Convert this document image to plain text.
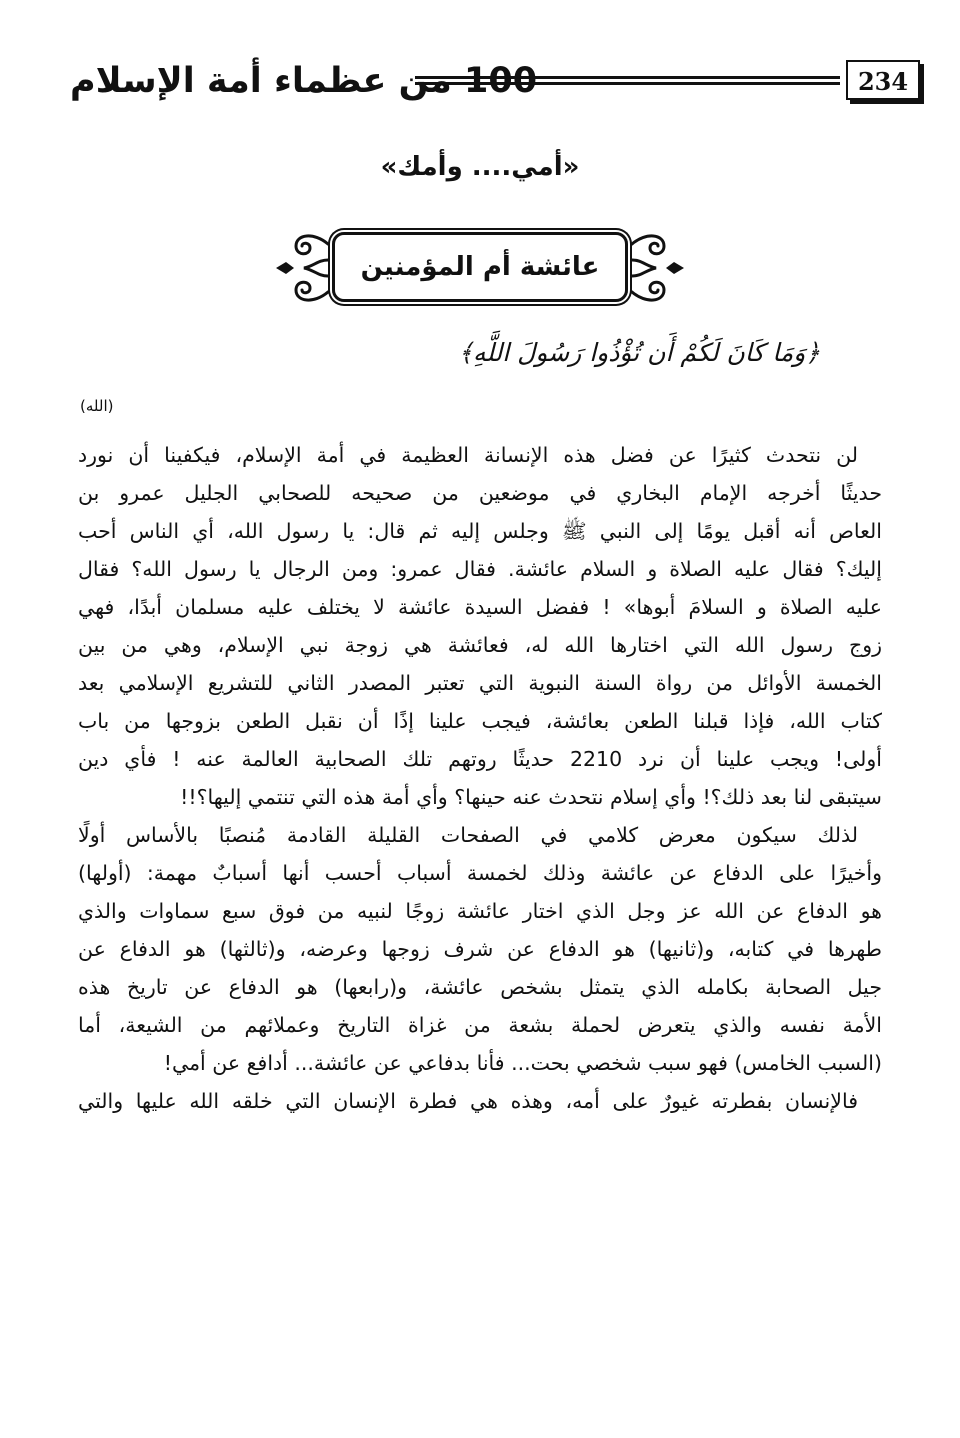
100 من عظماء أمة الإسلام	234
«أمي.... وأمك»
عائشة أم المؤمنين
﴿وَمَا كَانَ لَكُمْ أَن تُؤْذُوا رَسُولَ اللَّهِ﴾
(الله)
لن نتحدث كثيرًا عن فضل هذه الإنسانة العظيمة في أمة الإسلام، فيكفينا أن نورد
حديثًا أخرجه الإمام البخاري في موضعين من صحيحه للصحابي الجليل عمرو بن
العاص أنه أقبل يومًا إلى النبي ﷺ وجلس إليه ثم قال: يا رسول الله، أي الناس أحب
إليك؟ فقال عليه الصلاة و السلام عائشة. فقال عمرو: ومن الرجال يا رسول الله؟ فقال
عليه الصلاة و السلامَ أبوها» ! ففضل السيدة عائشة لا يختلف عليه مسلمان أبدًا، فهي
زوج رسول الله التي اختارها الله له، فعائشة هي زوجة نبي الإسلام، وهي من بين
الخمسة الأوائل من رواة السنة النبوية التي تعتبر المصدر الثاني للتشريع الإسلامي بعد
كتاب الله، فإذا قبلنا الطعن بعائشة، فيجب علينا إذًا أن نقبل الطعن بزوجها من باب
أولى! ويجب علينا أن نرد 2210 حديثًا روتهم تلك الصحابية العالمة عنه ! فأي دين
سيتبقى لنا بعد ذلك؟! وأي إسلام نتحدث عنه حينها؟ وأي أمة هذه التي تنتمي إليها؟!!
لذلك سيكون معرض كلامي في الصفحات القليلة القادمة مُنصبًا بالأساس أولًا
وأخيرًا على الدفاع عن عائشة وذلك لخمسة أسباب أحسب أنها أسبابٌ مهمة: (أولها)
هو الدفاع عن الله عز وجل الذي اختار عائشة زوجًا لنبيه من فوق سبع سماوات والذي
طهرها في كتابه، و(ثانيها) هو الدفاع عن شرف زوجها وعرضه، و(ثالثها) هو الدفاع عن
جيل الصحابة بكامله الذي يتمثل بشخص عائشة، و(رابعها) هو الدفاع عن تاريخ هذه
الأمة نفسه والذي يتعرض لحملة بشعة من غزاة التاريخ وعملائهم من الشيعة، أما
(السبب الخامس) فهو سبب شخصي بحت... فأنا بدفاعي عن عائشة... أدافع عن أمي!
فالإنسان بفطرته غيورٌ على أمه، وهذه هي فطرة الإنسان التي خلقه الله عليها والتي
